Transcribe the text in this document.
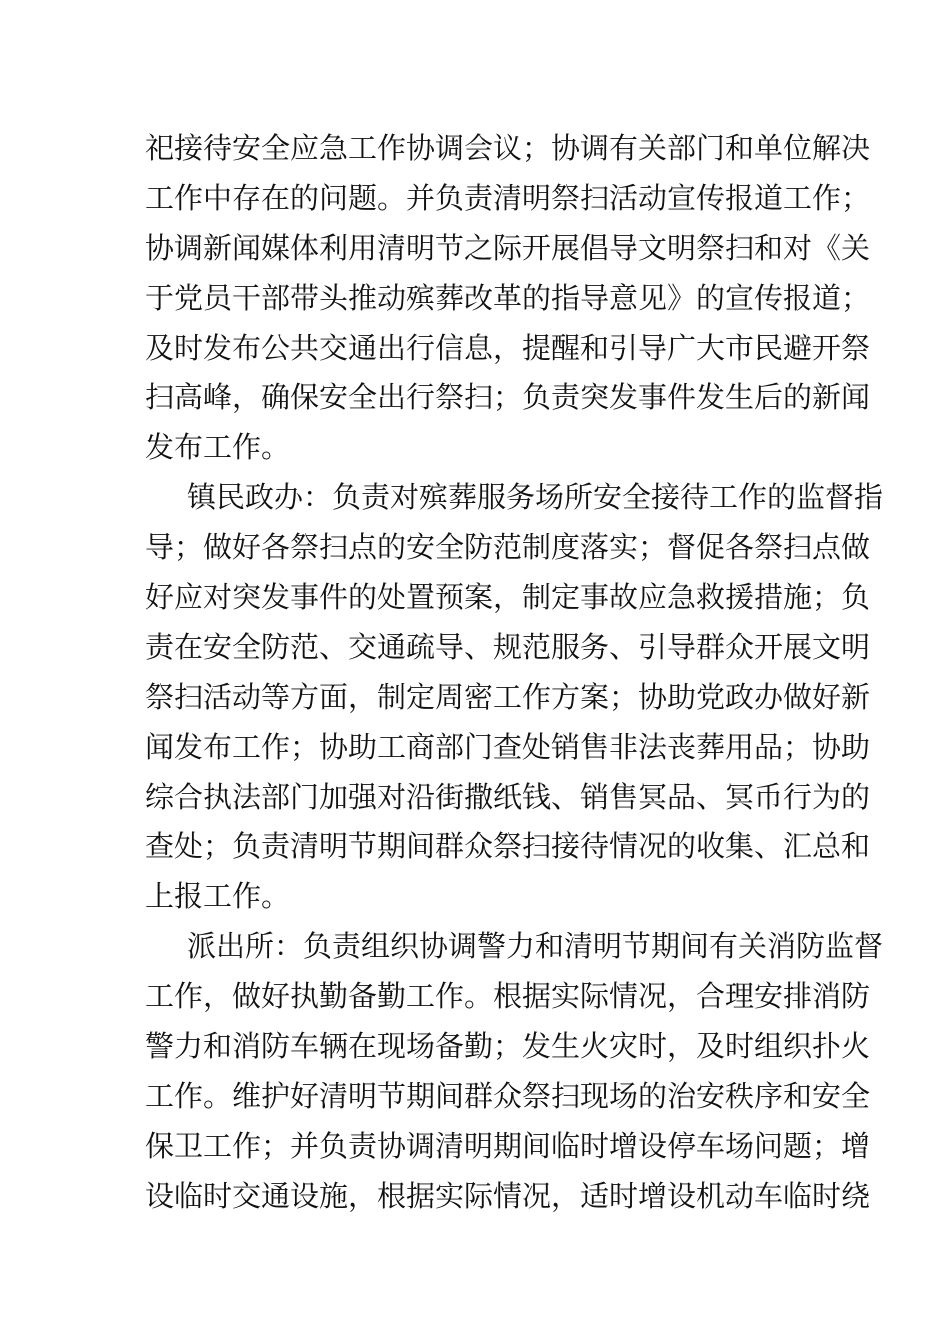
祀接待安全应急工作协调会议；协调有关部门和单位解决
工作中存在的问题。并负责清明祭扫活动宣传报道工作；
协调新闻媒体利用清明节之际开展倡导文明祭扫和对《关
于党员干部带头推动殡葬改革的指导意见》的宣传报道；
及时发布公共交通出行信息，提醒和引导广大市民避开祭
扫高峰，确保安全出行祭扫；负责突发事件发生后的新闻
发布工作。
镇民政办：负责对殡葬服务场所安全接待工作的监督指
导；做好各祭扫点的安全防范制度落实；督促各祭扫点做
好应对突发事件的处置预案，制定事故应急救援措施；负
责在安全防范、交通疏导、规范服务、引导群众开展文明
祭扫活动等方面，制定周密工作方案；协助党政办做好新
闻发布工作；协助工商部门查处销售非法丧葬用品；协助
综合执法部门加强对沿街撒纸钱、销售冥品、冥币行为的
查处；负责清明节期间群众祭扫接待情况的收集、汇总和
上报工作。
派出所：负责组织协调警力和清明节期间有关消防监督
工作，做好执勤备勤工作。根据实际情况，合理安排消防
警力和消防车辆在现场备勤；发生火灾时，及时组织扑火
工作。维护好清明节期间群众祭扫现场的治安秩序和安全
保卫工作；并负责协调清明期间临时增设停车场问题；增
设临时交通设施，根据实际情况，适时增设机动车临时绕
